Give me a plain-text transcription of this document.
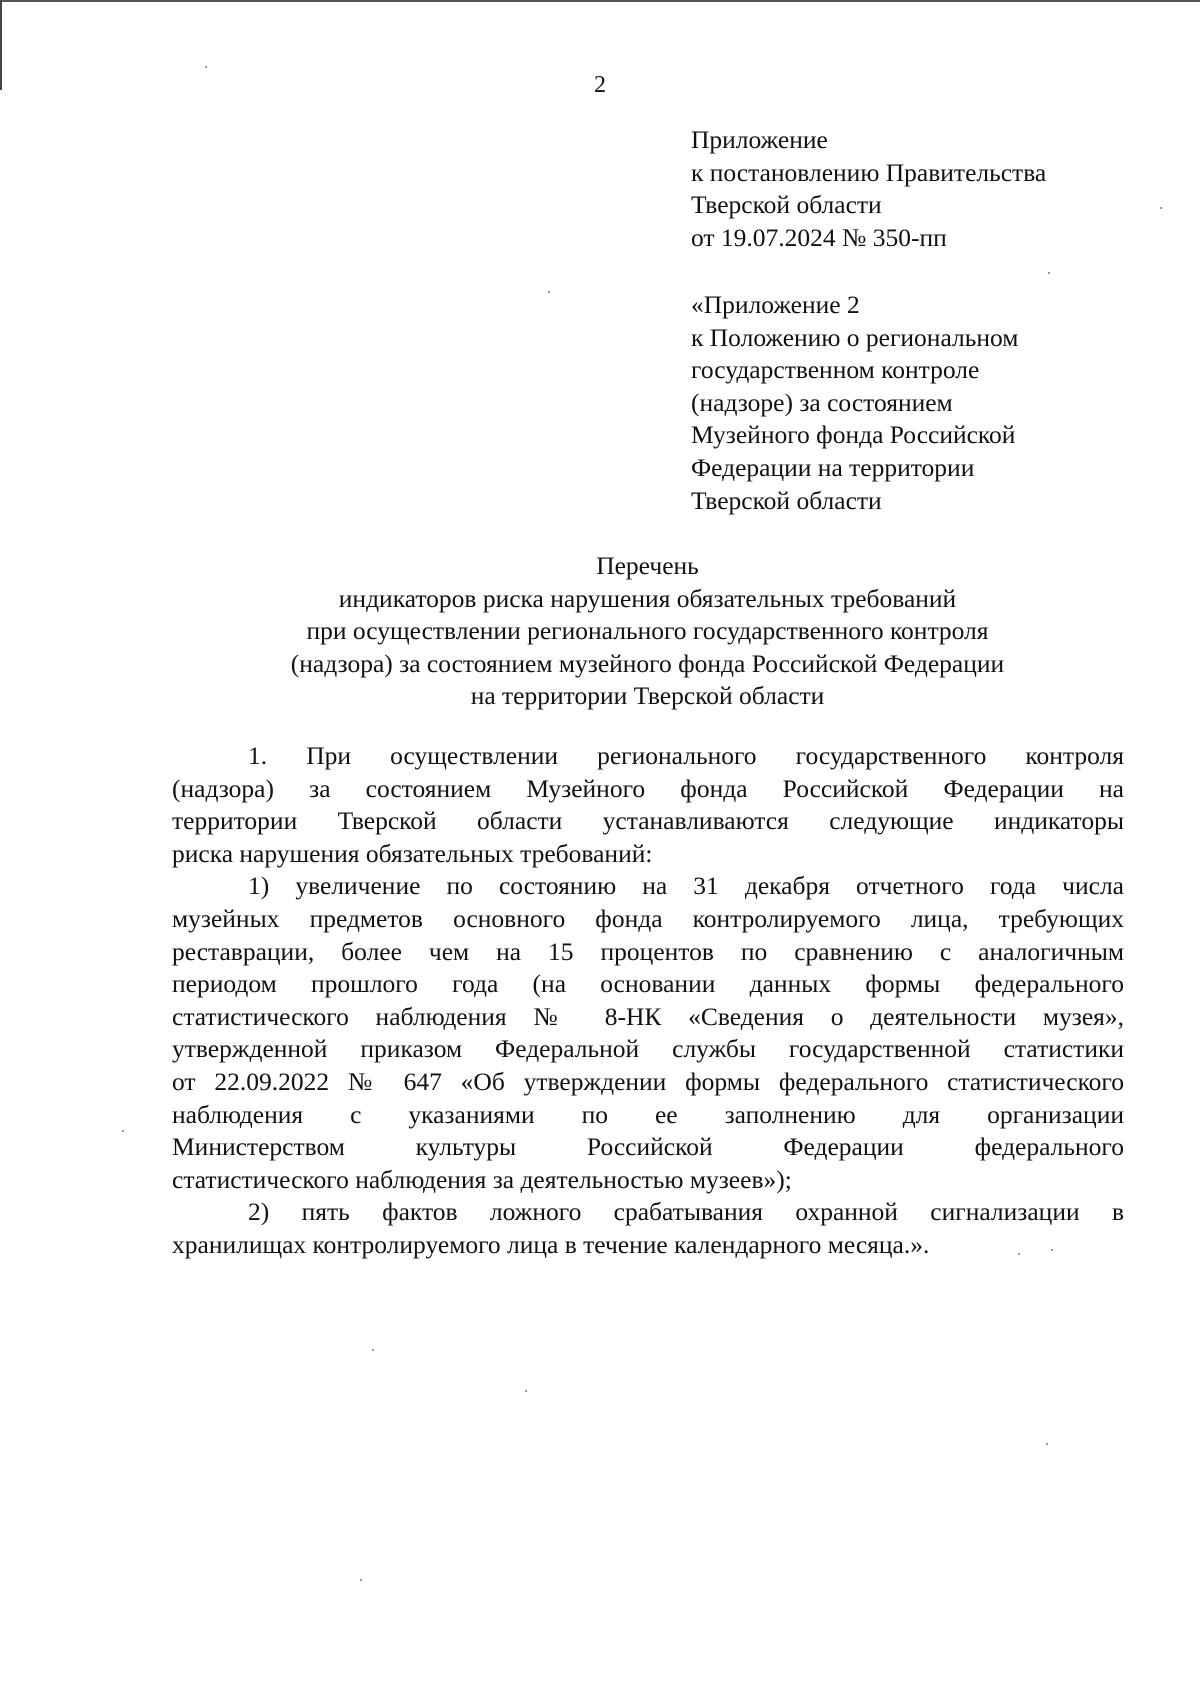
2
Приложение
к постановлению Правительства
Тверской области
от 19.07.2024 № 350-пп
«Приложение 2
к Положению о региональном
государственном контроле
(надзоре) за состоянием
Музейного фонда Российской
Федерации на территории
Тверской области
Перечень
индикаторов риска нарушения обязательных требований
при осуществлении регионального государственного контроля
(надзора) за состоянием музейного фонда Российской Федерации
на территории Тверской области
1. При осуществлении регионального государственного контроля
(надзора) за состоянием Музейного фонда Российской Федерации на
территории Тверской области устанавливаются следующие индикаторы
риска нарушения обязательных требований:
1) увеличение по состоянию на 31 декабря отчетного года числа
музейных предметов основного фонда контролируемого лица, требующих
реставрации, более чем на 15 процентов по сравнению с аналогичным
периодом прошлого года (на основании данных формы федерального
статистического наблюдения № 8-НК «Сведения о деятельности музея»,
утвержденной приказом Федеральной службы государственной статистики
от 22.09.2022 № 647 «Об утверждении формы федерального статистического
наблюдения с указаниями по ее заполнению для организации
Министерством культуры Российской Федерации федерального
статистического наблюдения за деятельностью музеев»);
2) пять фактов ложного срабатывания охранной сигнализации в
хранилищах контролируемого лица в течение календарного месяца.».
